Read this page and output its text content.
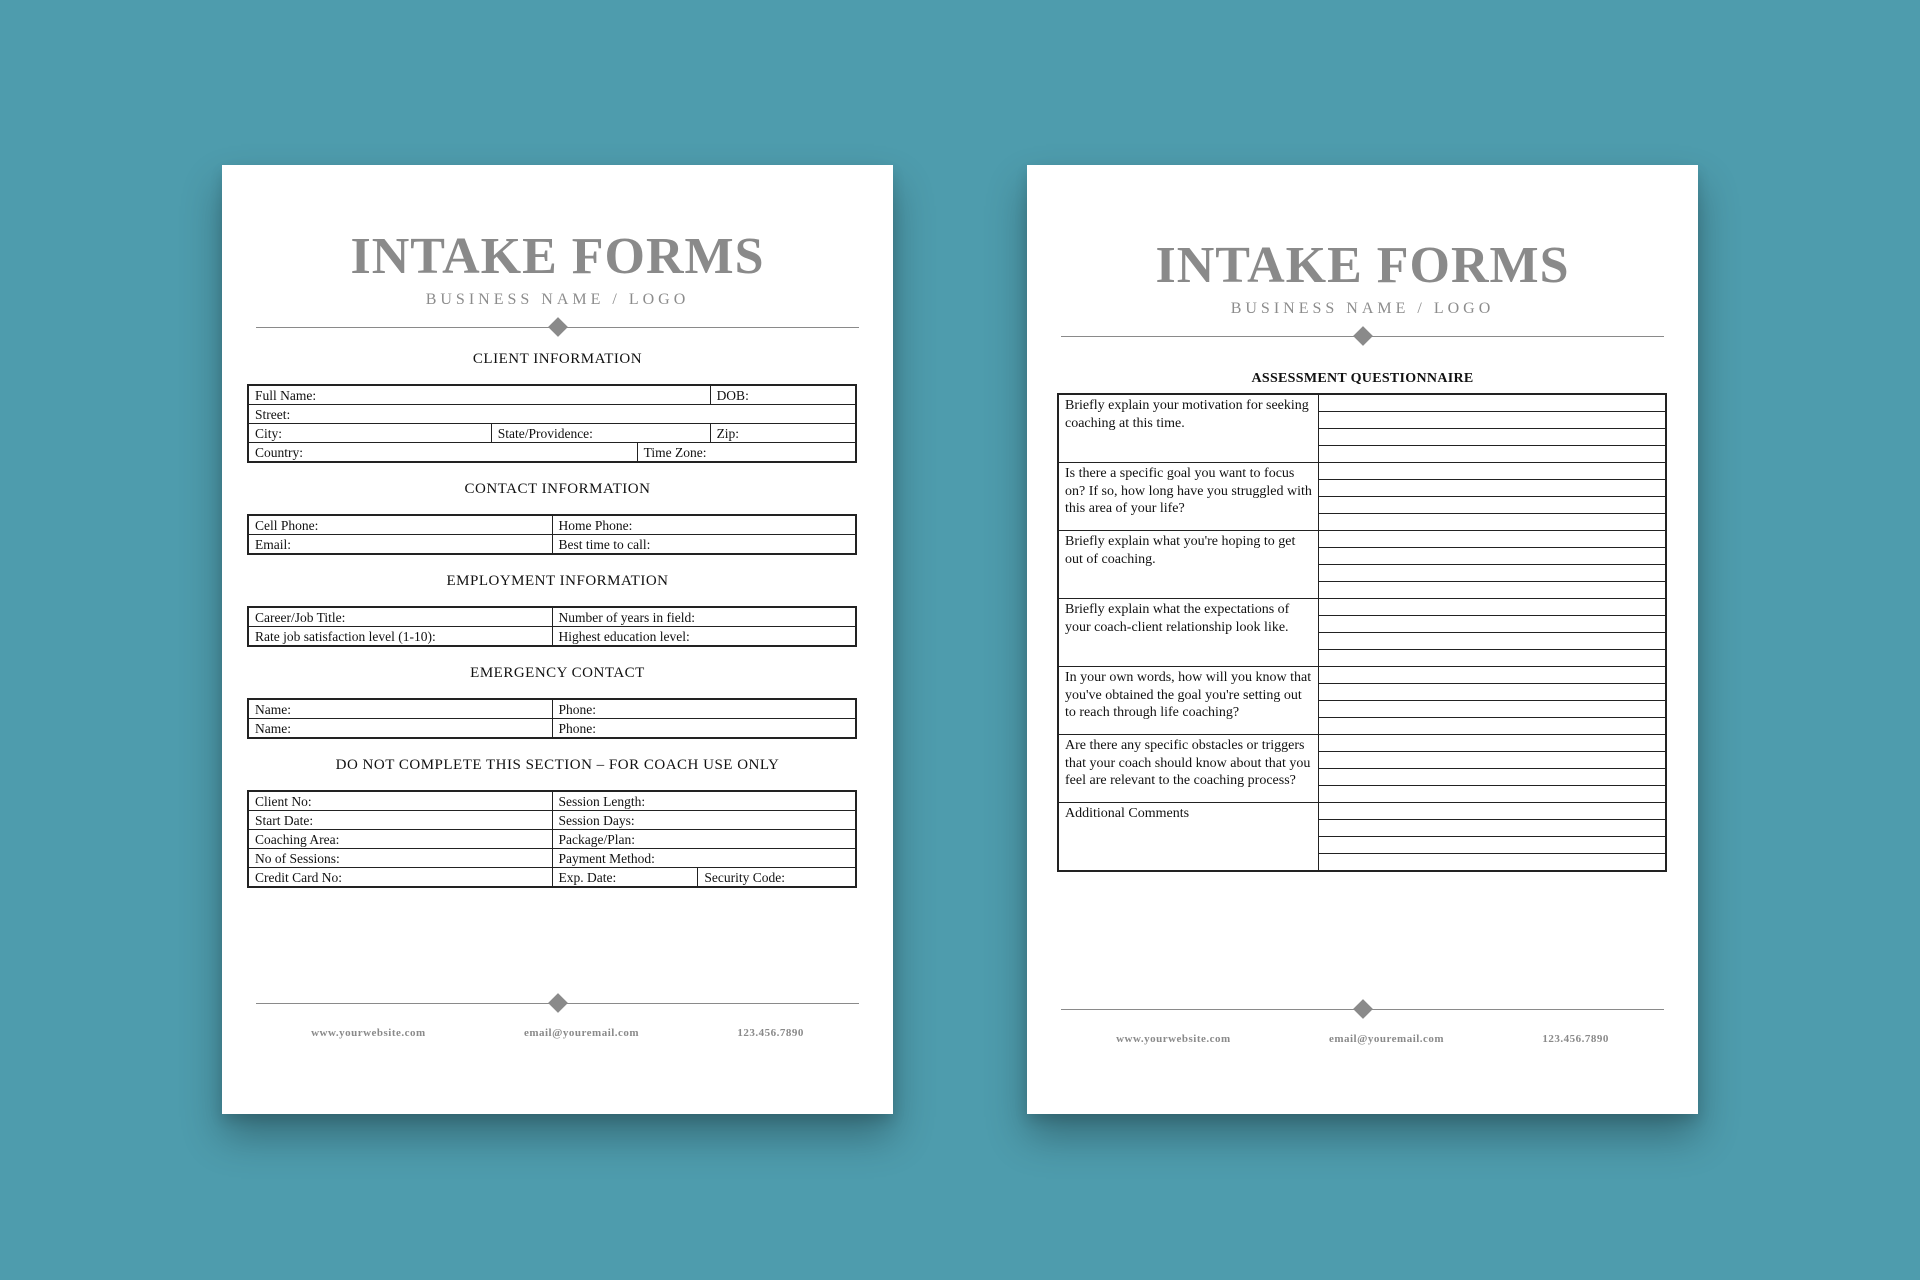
INTAKE FORMS
BUSINESS NAME / LOGO
CLIENT INFORMATION
Full Name:			DOB:
Street:			
City:	State/Providence:		Zip:
Country:		Time Zone:	
CONTACT INFORMATION
Cell Phone:	Home Phone:
Email:	Best time to call:
EMPLOYMENT INFORMATION
Career/Job Title:	Number of years in field:
Rate job satisfaction level (1-10):	Highest education level:
EMERGENCY CONTACT
Name:	Phone:
Name:	Phone:
DO NOT COMPLETE THIS SECTION – FOR COACH USE ONLY
Client No:	Session Length:	
Start Date:	Session Days:	
Coaching Area:	Package/Plan:	
No of Sessions:	Payment Method:	
Credit Card No:	Exp. Date:	Security Code:
www.yourwebsite.com	email@youremail.com	123.456.7890
INTAKE FORMS
BUSINESS NAME / LOGO
ASSESSMENT QUESTIONNAIRE
Briefly explain your motivation for seeking coaching at this time.	

Is there a specific goal you want to focus on? If so, how long have you struggled with this area of your life?	

Briefly explain what you're hoping to get out of coaching.	

Briefly explain what the expectations of your coach-client relationship look like.	

In your own words, how will you know that you've obtained the goal you're setting out to reach through life coaching?	

Are there any specific obstacles or triggers that your coach should know about that you feel are relevant to the coaching process?	

Additional Comments	

www.yourwebsite.com	email@youremail.com	123.456.7890
